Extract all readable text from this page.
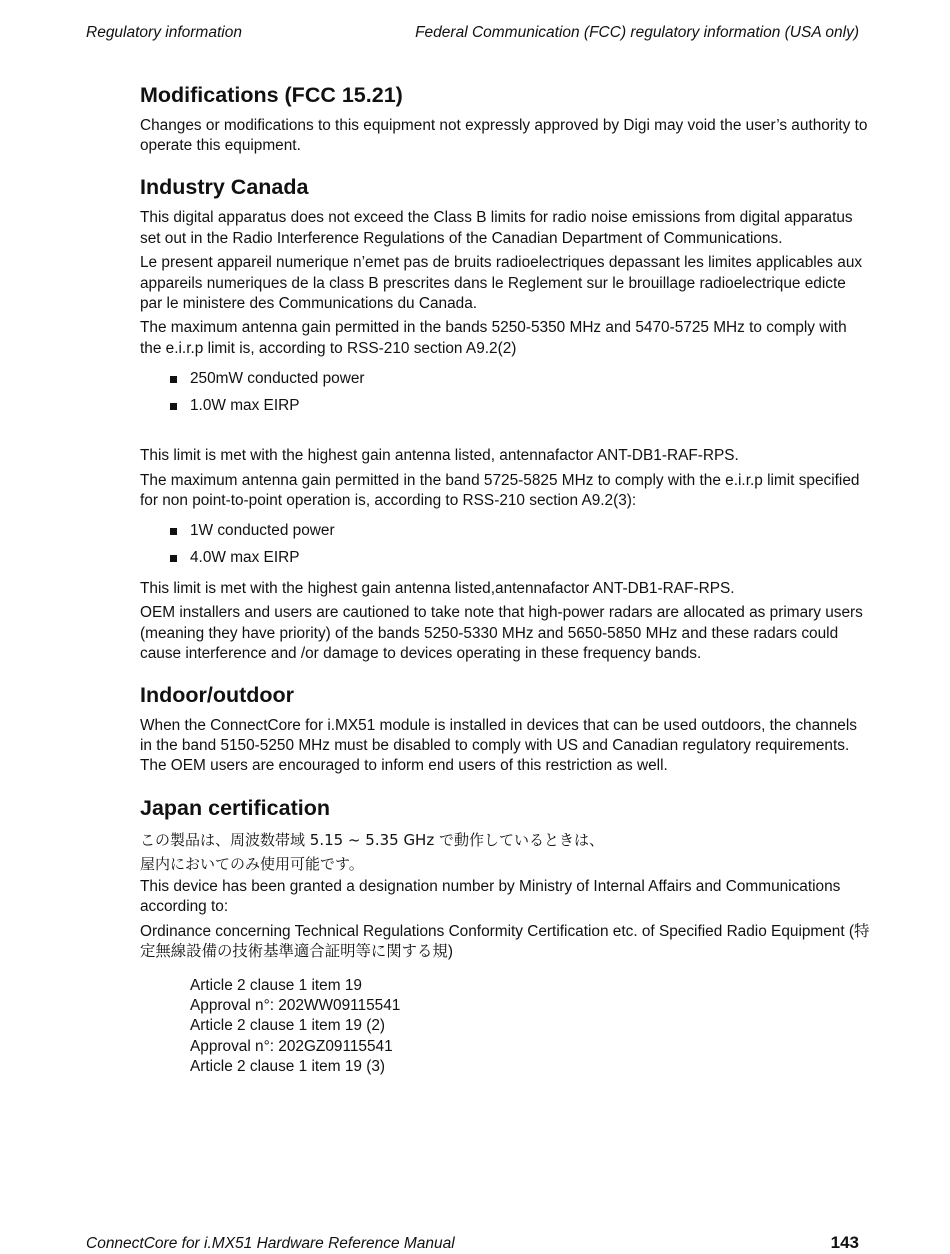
Regulatory information	Federal Communication (FCC) regulatory information (USA only)
Modifications (FCC 15.21)

Changes or modifications to this equipment not expressly approved by Digi may void the user’s authority to operate this equipment.

Industry Canada

This digital apparatus does not exceed the Class B limits for radio noise emissions from digital apparatus set out in the Radio Interference Regulations of the Canadian Department of Communications.

Le present appareil numerique n’emet pas de bruits radioelectriques depassant les limites applicables aux appareils numeriques de la class B prescrites dans le Reglement sur le brouillage radioelectrique edicte par le ministere des Communications du Canada.

The maximum antenna gain permitted in the bands 5250-5350 MHz and 5470-5725 MHz to comply with the e.i.r.p limit is, according to RSS-210 section A9.2(2)

250mW conducted power
1.0W max EIRP

This limit is met with the highest gain antenna listed, antennafactor ANT-DB1-RAF-RPS.

The maximum antenna gain permitted in the band 5725-5825 MHz to comply with the e.i.r.p limit specified for non point-to-point operation is, according to RSS-210 section A9.2(3):

1W conducted power
4.0W max EIRP

This limit is met with the highest gain antenna listed,antennafactor ANT-DB1-RAF-RPS.

OEM installers and users are cautioned to take note that high-power radars are allocated as primary users (meaning they have priority) of the bands 5250-5330 MHz and 5650-5850 MHz and these radars could cause interference and /or damage to devices operating in these frequency bands.

Indoor/outdoor

When the ConnectCore for i.MX51 module is installed in devices that can be used outdoors, the channels in the band 5150-5250 MHz must be disabled to comply with US and Canadian regulatory requirements. The OEM users are encouraged to inform end users of this restriction as well.

Japan certification

この製品は、周波数帯域 5.15 ~ 5.35 GHz で動作しているときは、

屋内においてのみ使用可能です。

This device has been granted a designation number by Ministry of Internal Affairs and Communications according to:

Ordinance concerning Technical Regulations Conformity Certification etc. of Specified Radio Equipment (特定無線設備の技術基準適合証明等に関する規)

Article 2 clause 1 item 19
Approval n°: 202WW09115541
Article 2 clause 1 item 19 (2)
Approval n°: 202GZ09115541
Article 2 clause 1 item 19 (3)
ConnectCore for i.MX51 Hardware Reference Manual	143
